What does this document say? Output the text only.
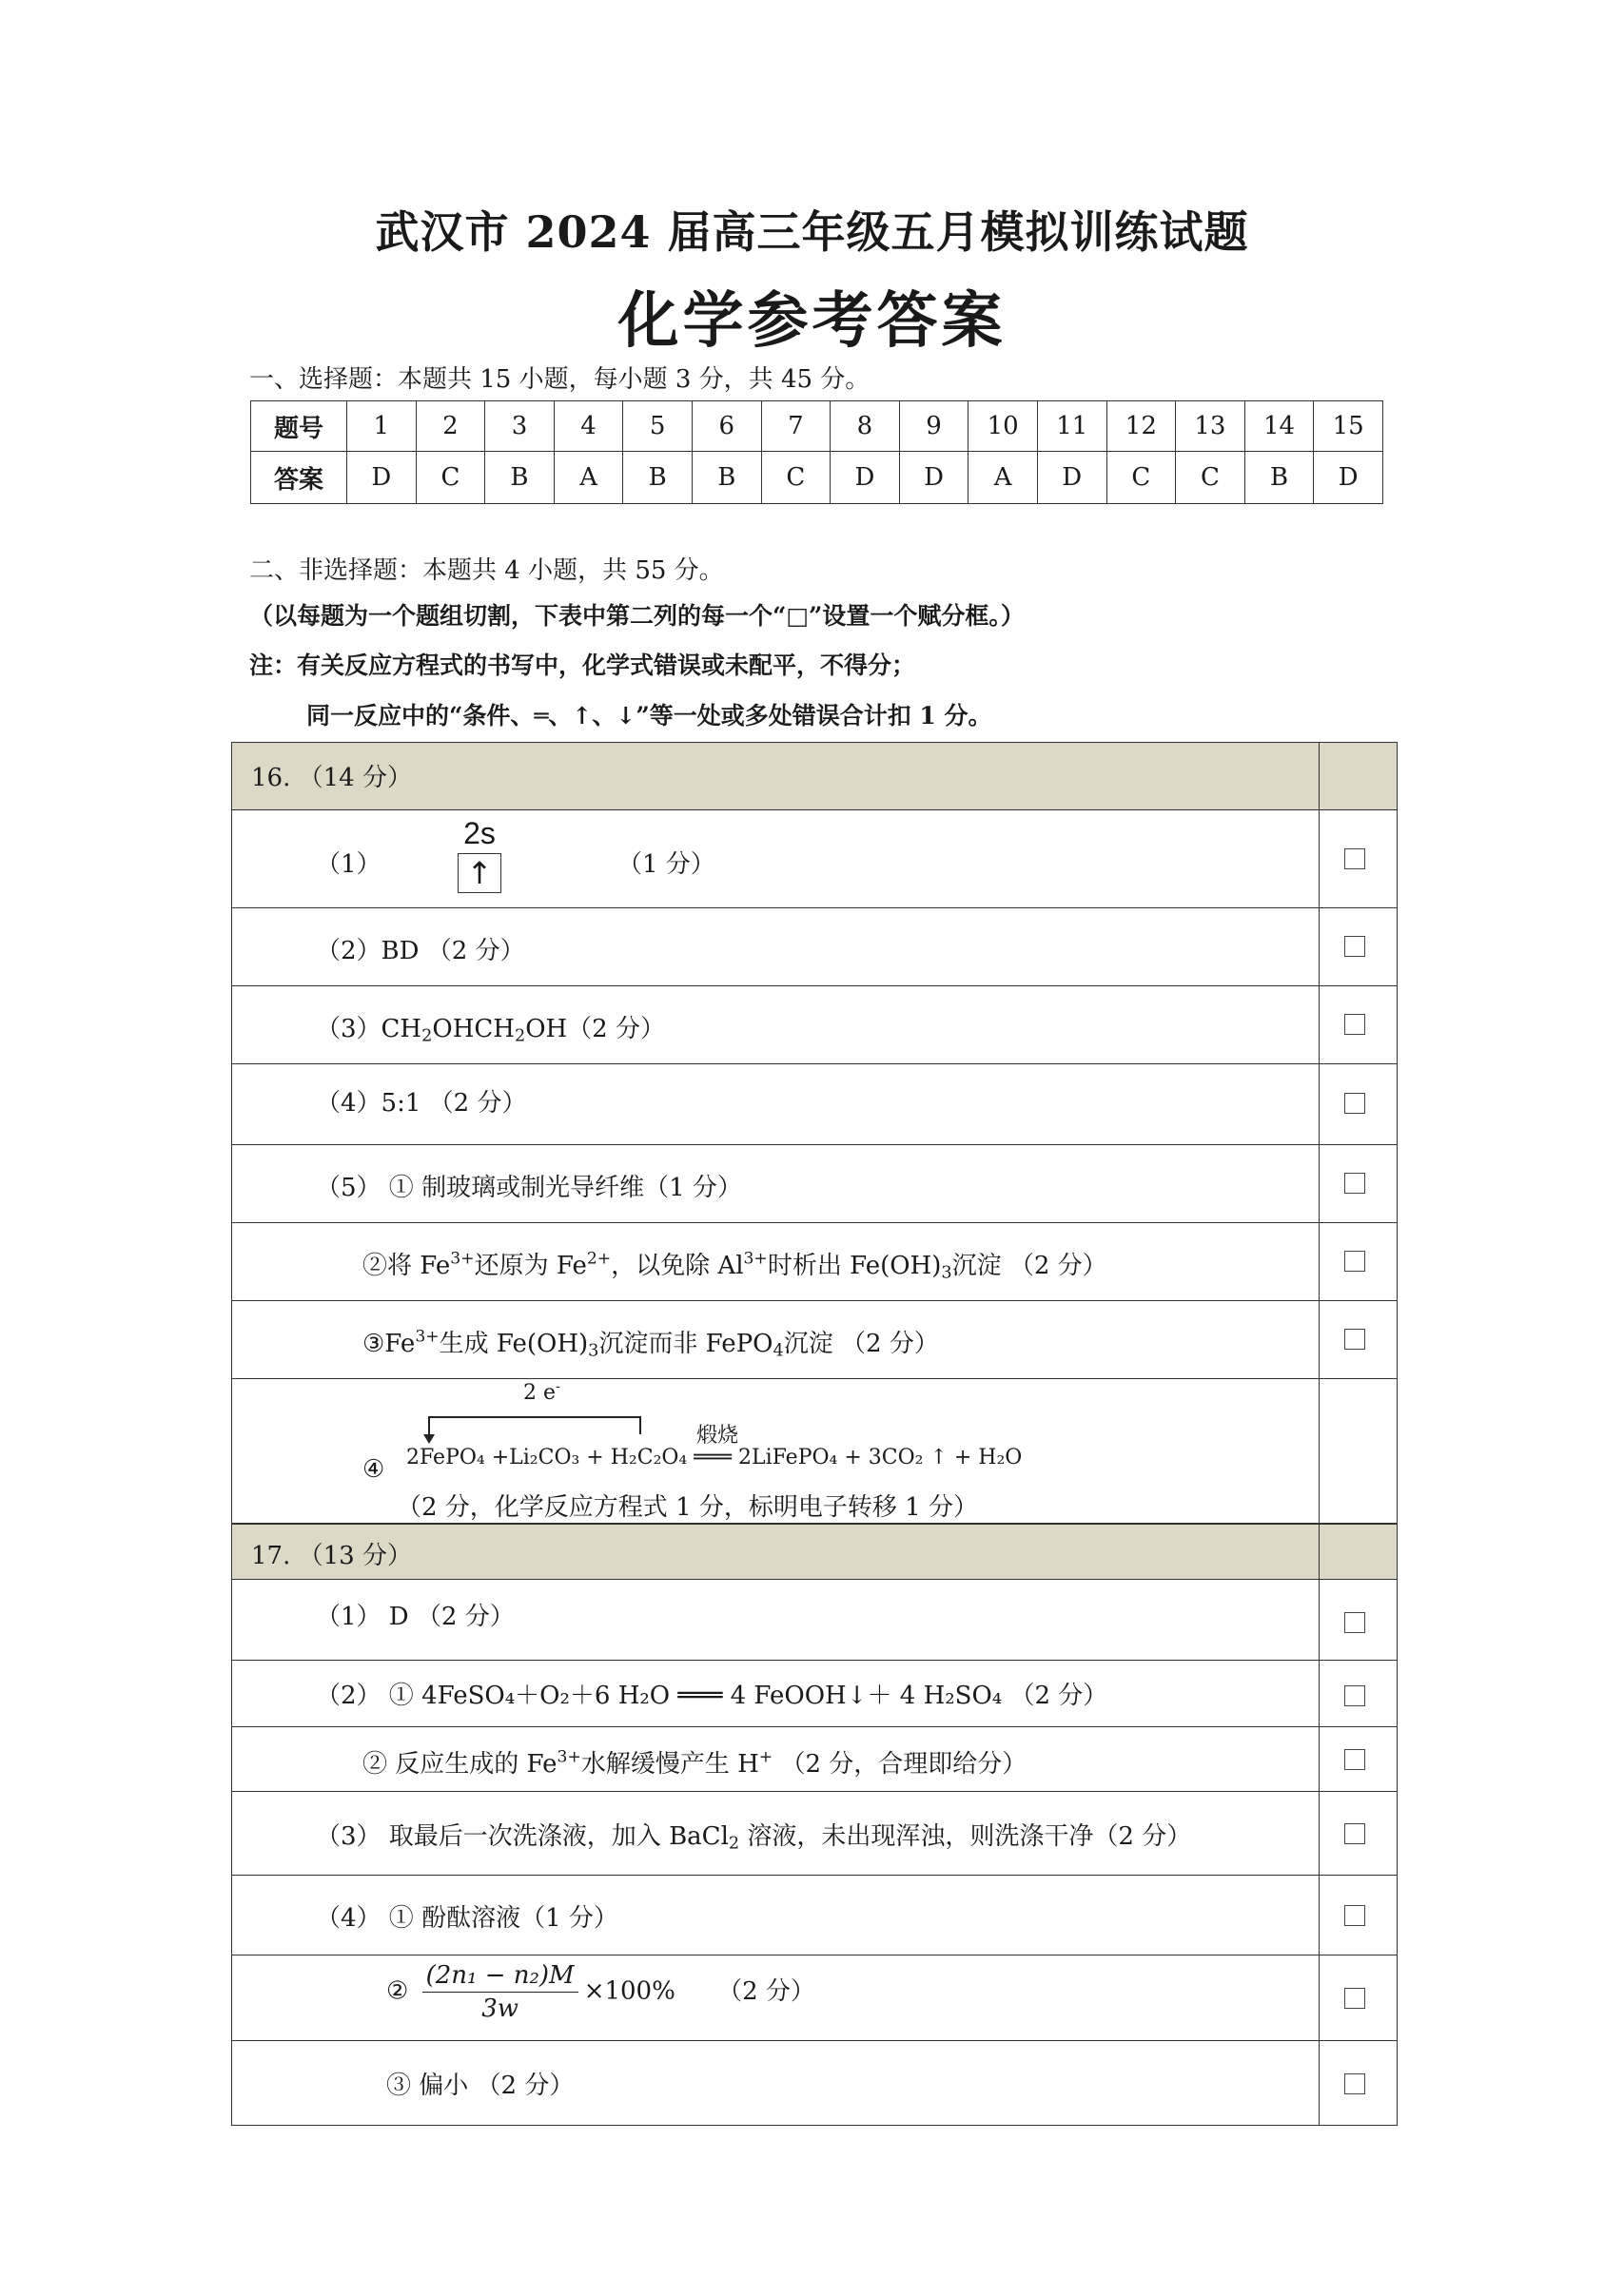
武汉市 2024 届高三年级五月模拟训练试题
化学参考答案
一、选择题：本题共 15 小题，每小题 3 分，共 45 分。
题号	1	2	3	4	5	6	7	8	9	10	11	12	13	14	15
答案	D	C	B	A	B	B	C	D	D	A	D	C	C	B	D
二、非选择题：本题共 4 小题，共 55 分。
（以每题为一个题组切割，下表中第二列的每一个“□”设置一个赋分框。）
注：有关反应方程式的书写中，化学式错误或未配平，不得分；
同一反应中的“条件、═、↑、↓”等一处或多处错误合计扣 1 分。
16. （14 分）
（1）
2s
↑	（1 分）
（2）BD （2 分）
$(3)CH_2OHCH_2OH(2$ 分）
（4）5:1 （2 分）
（5） ① 制玻璃或制光导纤维（1 分）
②将 $Fe^{3+}$还原为 $Fe^{2+}$，以免除 $Al^{3+}$时析出 $Fe(OH)_3$沉淀 （2 分）
$③Fe^{3+}$生成 $Fe(OH)_3$沉淀而非 FePO$_4$沉淀 （2 分）
2 e-
煅烧
④ 2FePO₄ +Li₂CO₃ + H₂C₂O₄ ═══ 2LiFePO₄ + 3CO₂ ↑ + H₂O
（2 分，化学反应方程式 1 分，标明电子转移 1 分）
17. （13 分）
（1） D （2 分）
（2） ① 4FeSO₄＋O₂＋6 H₂O ═══ 4 FeOOH↓＋ 4 H₂SO₄ （2 分）
② 反应生成的 $Fe^{3+}$水解缓慢产生 H+ （2 分，合理即给分）
（3） 取最后一次洗涤液，加入 BaCl$_2$ 溶液，未出现浑浊，则洗涤干净（2 分）
（4） ① 酚酞溶液（1 分）
② $\frac{\text{(2n₁ − n₂)M}}{3w} \times 100\%$ （2 分）
③ 偏小 （2 分）
